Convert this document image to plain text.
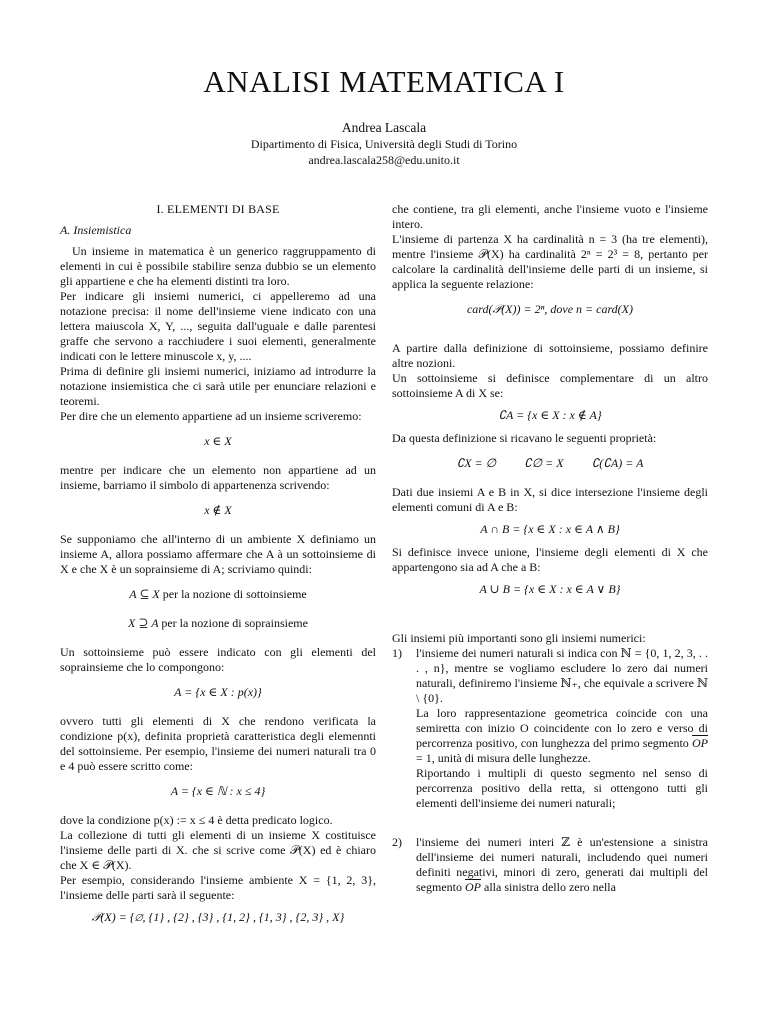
ANALISI MATEMATICA I
Andrea Lascala
Dipartimento di Fisica, Università degli Studi di Torino
andrea.lascala258@edu.unito.it
I. ELEMENTI DI BASE
A. Insiemistica

Un insieme in matematica è un generico raggruppamento di elementi in cui è possibile stabilire senza dubbio se un elemento gli appartiene e che ha elementi distinti tra loro.

Per indicare gli insiemi numerici, ci appelleremo ad una notazione precisa: il nome dell'insieme viene indicato con una lettera maiuscola X, Y, ..., seguita dall'uguale e dalle parentesi graffe che servono a racchiudere i suoi elementi, generalmente indicati con le lettere minuscole x, y, ....

Prima di definire gli insiemi numerici, iniziamo ad introdurre la notazione insiemistica che ci sarà utile per enunciare relazioni e teoremi.

Per dire che un elemento appartiene ad un insieme scriveremo:

x ∈ X

mentre per indicare che un elemento non appartiene ad un insieme, barriamo il simbolo di appartenenza scrivendo:

x ∉ X

Se supponiamo che all'interno di un ambiente X definiamo un insieme A, allora possiamo affermare che A à un sottoinsieme di X e che X è un soprainsieme di A; scriviamo quindi:

A ⊆ X per la nozione di sottoinsieme
X ⊇ A per la nozione di soprainsieme

Un sottoinsieme può essere indicato con gli elementi del soprainsieme che lo compongono:

A = {x ∈ X : p(x)}

ovvero tutti gli elementi di X che rendono verificata la condizione p(x), definita proprietà caratteristica degli elemennti del sottoinsieme. Per esempio, l'insieme dei numeri naturali tra 0 e 4 può essere scritto come:

A = {x ∈ ℕ : x ≤ 4}

dove la condizione p(x) := x ≤ 4 è detta predicato logico.

La collezione di tutti gli elementi di un insieme X costituisce l'insieme delle parti di X. che si scrive come 𝒫(X) ed è chiaro che X ∈ 𝒫(X).

Per esempio, considerando l'insieme ambiente X = {1, 2, 3}, l'insieme delle parti sarà il seguente:

𝒫(X) = {∅, {1} , {2} , {3} , {1, 2} , {1, 3} , {2, 3} , X}

che contiene, tra gli elementi, anche l'insieme vuoto e l'insieme intero.

L'insieme di partenza X ha cardinalità n = 3 (ha tre elementi), mentre l'insieme 𝒫(X) ha cardinalità 2ⁿ = 2³ = 8, pertanto per calcolare la cardinalità dell'insieme delle parti di un insieme, si applica la seguente relazione:

card(𝒫(X)) = 2ⁿ, dove n = card(X)

A partire dalla definizione di sottoinsieme, possiamo definire altre nozioni.

Un sottoinsieme si definisce complementare di un altro sottoinsieme A di X se:

∁A = {x ∈ X : x ∉ A}

Da questa definizione si ricavano le seguenti proprietà:

∁X = ∅ ∁∅ = X ∁(∁A) = A

Dati due insiemi A e B in X, si dice intersezione l'insieme degli elementi comuni di A e B:

A ∩ B = {x ∈ X : x ∈ A ∧ B}

Si definisce invece unione, l'insieme degli elementi di X che appartengono sia ad A che a B:

A ∪ B = {x ∈ X : x ∈ A ∨ B}

Gli insiemi più importanti sono gli insiemi numerici:

1) l'insieme dei numeri naturali si indica con ℕ = {0, 1, 2, 3, . . . , n}, mentre se vogliamo escludere lo zero dai numeri naturali, definiremo l'insieme ℕ₊, che equivale a scrivere ℕ \ {0}.
La loro rappresentazione geometrica coincide con una semiretta con inizio O coincidente con lo zero e verso di percorrenza positivo, con lunghezza del primo segmento $\overline{OP} = 1$, unità di misura delle lunghezze.
Riportando i multipli di questo segmento nel senso di percorrenza positivo della retta, si ottengono tutti gli elementi dell'insieme dei numeri naturali;
2) l'insieme dei numeri interi ℤ è un'estensione a sinistra dell'insieme dei numeri naturali, includendo quei numeri definiti negativi, minori di zero, generati dai multipli del segmento $\overline{OP}$ alla sinistra dello zero nella
